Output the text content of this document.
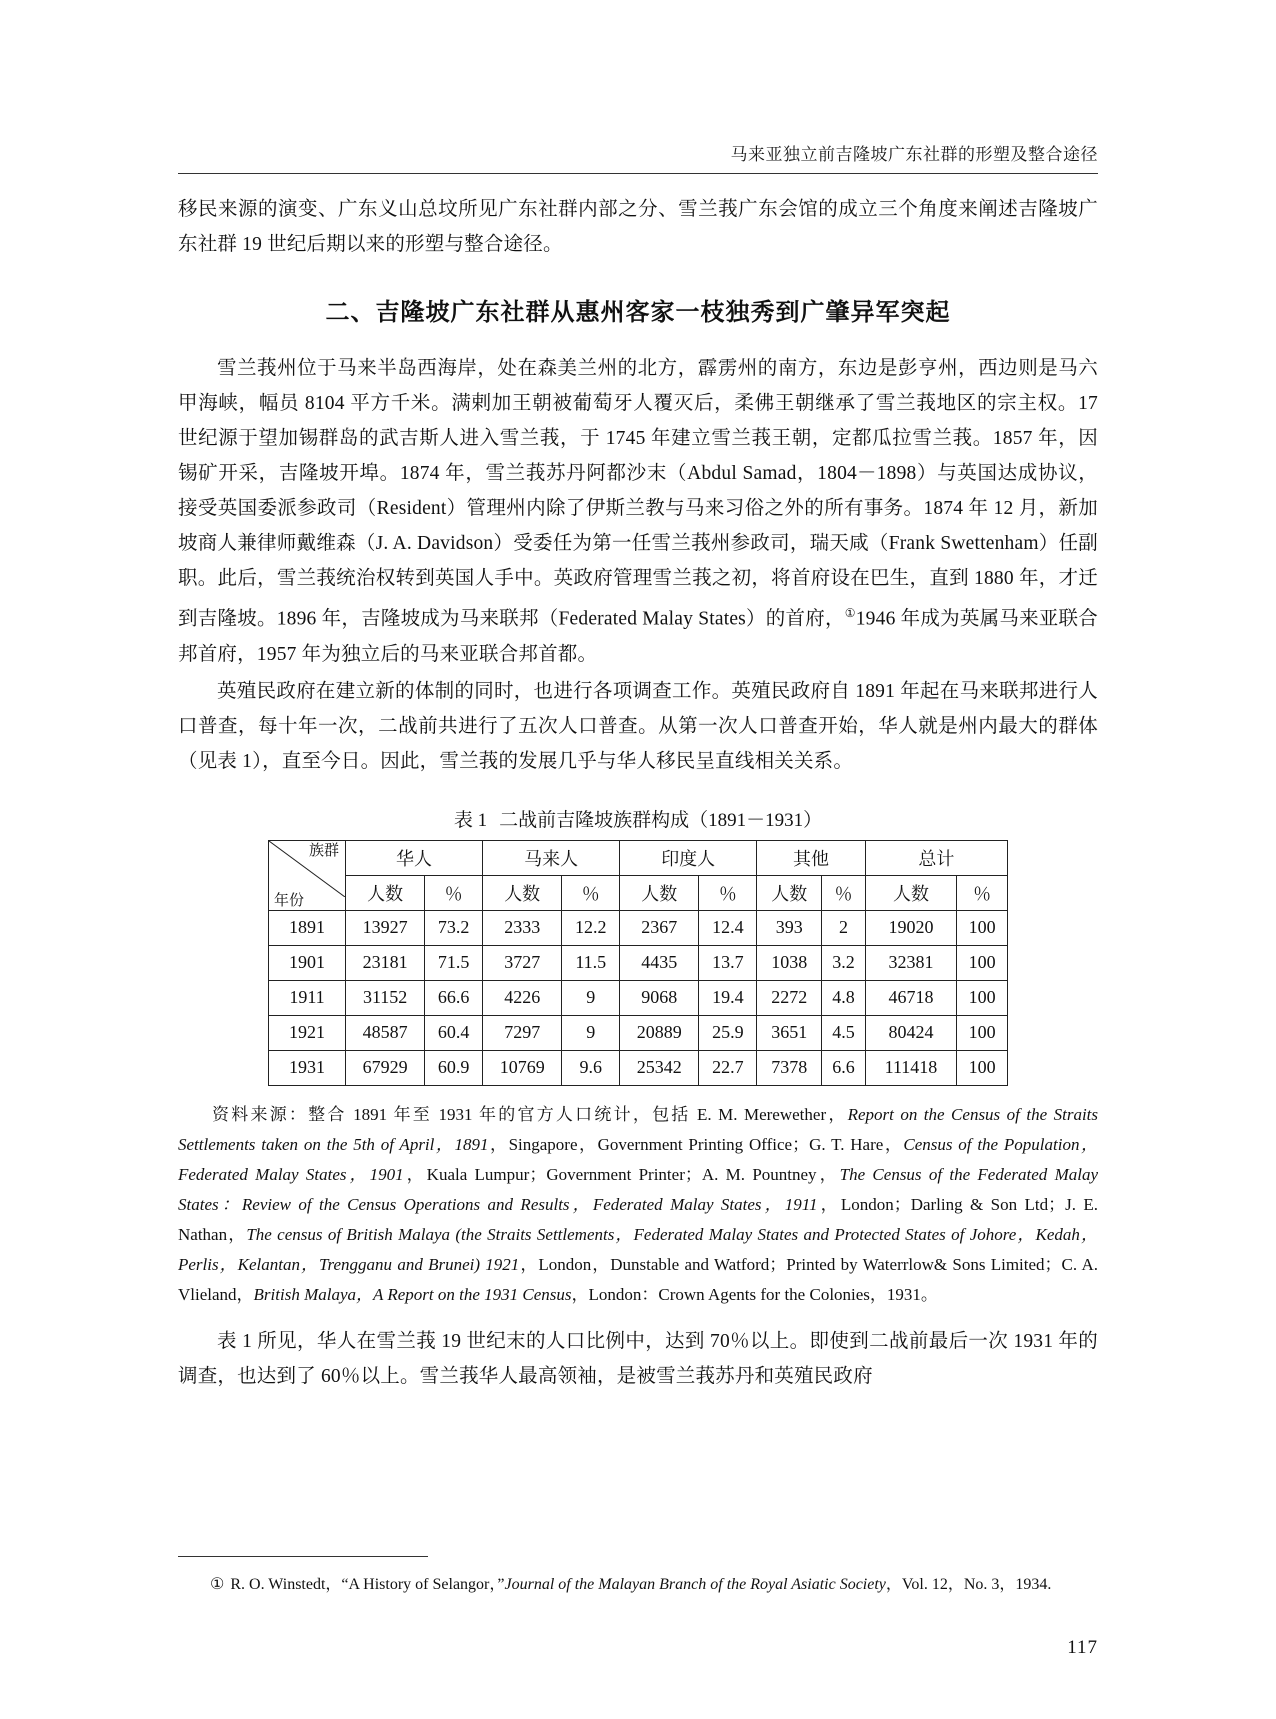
马来亚独立前吉隆坡广东社群的形塑及整合途径

移民来源的演变、广东义山总坟所见广东社群内部之分、雪兰莪广东会馆的成立三个角度来阐述吉隆坡广东社群 19 世纪后期以来的形塑与整合途径。

二、吉隆坡广东社群从惠州客家一枝独秀到广肇异军突起

雪兰莪州位于马来半岛西海岸，处在森美兰州的北方，霹雳州的南方，东边是彭亨州，西边则是马六甲海峡，幅员 8104 平方千米。满剌加王朝被葡萄牙人覆灭后，柔佛王朝继承了雪兰莪地区的宗主权。17 世纪源于望加锡群岛的武吉斯人进入雪兰莪，于 1745 年建立雪兰莪王朝，定都瓜拉雪兰莪。1857 年，因锡矿开采，吉隆坡开埠。1874 年，雪兰莪苏丹阿都沙末（Abdul Samad，1804－1898）与英国达成协议，接受英国委派参政司（Resident）管理州内除了伊斯兰教与马来习俗之外的所有事务。1874 年 12 月，新加坡商人兼律师戴维森（J. A. Davidson）受委任为第一任雪兰莪州参政司，瑞天咸（Frank Swettenham）任副职。此后，雪兰莪统治权转到英国人手中。英政府管理雪兰莪之初，将首府设在巴生，直到 1880 年，才迁到吉隆坡。1896 年，吉隆坡成为马来联邦（Federated Malay States）的首府，①1946 年成为英属马来亚联合邦首府，1957 年为独立后的马来亚联合邦首都。

英殖民政府在建立新的体制的同时，也进行各项调查工作。英殖民政府自 1891 年起在马来联邦进行人口普查，每十年一次，二战前共进行了五次人口普查。从第一次人口普查开始，华人就是州内最大的群体（见表 1），直至今日。因此，雪兰莪的发展几乎与华人移民呈直线相关关系。

表 1 二战前吉隆坡族群构成（1891－1931）
族群
年份	华人		马来人		印度人		其他		总计	
	人数	％	人数	％	人数	％	人数	％	人数	％
1891	13927	73.2	2333	12.2	2367	12.4	393	2	19020	100
1901	23181	71.5	3727	11.5	4435	13.7	1038	3.2	32381	100
1911	31152	66.6	4226	9	9068	19.4	2272	4.8	46718	100
1921	48587	60.4	7297	9	20889	25.9	3651	4.5	80424	100
1931	67929	60.9	10769	9.6	25342	22.7	7378	6.6	111418	100
资料来源：整合 1891 年至 1931 年的官方人口统计，包括 E. M. Merewether，Report on the Census of the Straits Settlements taken on the 5th of April，1891，Singapore，Government Printing Office；G. T. Hare，Census of the Population，Federated Malay States，1901，Kuala Lumpur；Government Printer；A. M. Pountney，The Census of the Federated Malay States：Review of the Census Operations and Results，Federated Malay States，1911，London；Darling & Son Ltd；J. E. Nathan，The census of British Malaya (the Straits Settlements，Federated Malay States and Protected States of Johore，Kedah，Perlis，Kelantan，Trengganu and Brunei) 1921，London，Dunstable and Watford；Printed by Waterrlow& Sons Limited；C. A. Vlieland，British Malaya，A Report on the 1931 Census，London：Crown Agents for the Colonies，1931。

表 1 所见，华人在雪兰莪 19 世纪末的人口比例中，达到 70％以上。即使到二战前最后一次 1931 年的调查，也达到了 60％以上。雪兰莪华人最高领袖，是被雪兰莪苏丹和英殖民政府

① R. O. Winstedt，“A History of Selangor，”Journal of the Malayan Branch of the Royal Asiatic Society，Vol. 12，No. 3，1934.
117
